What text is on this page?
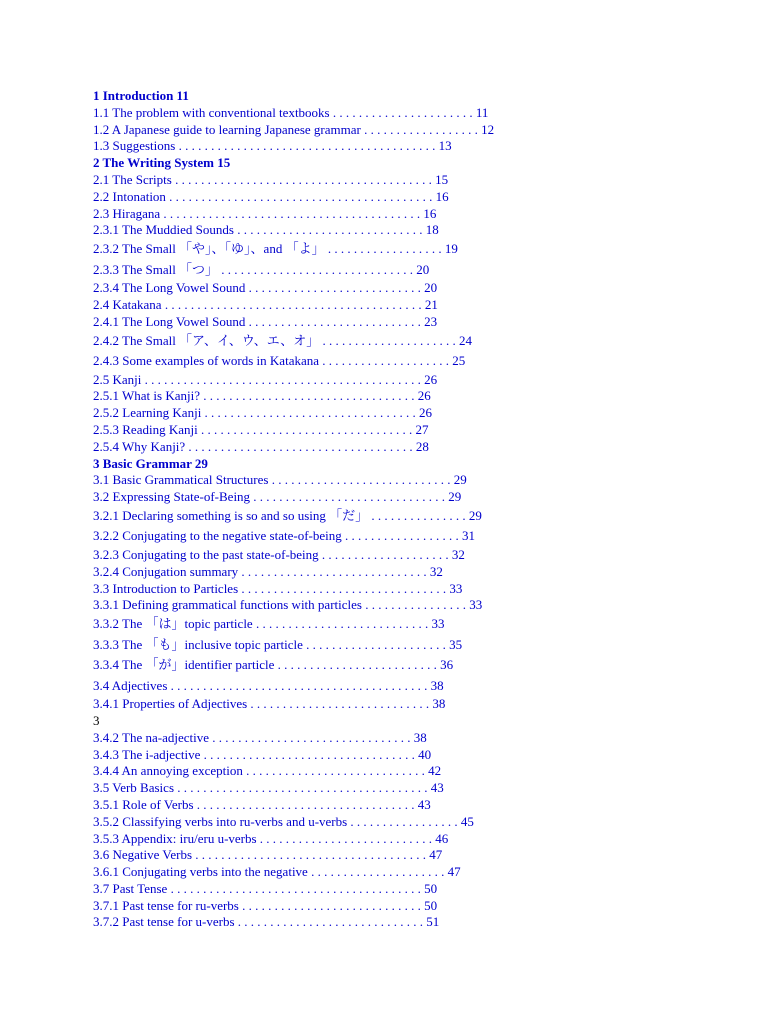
1 Introduction 11
1.1 The problem with conventional textbooks . . . . . . . . . . . . . . . . . . . . . . 11
1.2 A Japanese guide to learning Japanese grammar . . . . . . . . . . . . . . . . . . 12
1.3 Suggestions . . . . . . . . . . . . . . . . . . . . . . . . . . . . . . . . . . . . . . . . 13
2 The Writing System 15
2.1 The Scripts . . . . . . . . . . . . . . . . . . . . . . . . . . . . . . . . . . . . . . . . 15
2.2 Intonation . . . . . . . . . . . . . . . . . . . . . . . . . . . . . . . . . . . . . . . . . 16
2.3 Hiragana . . . . . . . . . . . . . . . . . . . . . . . . . . . . . . . . . . . . . . . . 16
2.3.1 The Muddied Sounds . . . . . . . . . . . . . . . . . . . . . . . . . . . . . 18
2.3.2 The Small 「や」、「ゆ」、and 「よ」 . . . . . . . . . . . . . . . . . . 19
2.3.3 The Small 「つ」 . . . . . . . . . . . . . . . . . . . . . . . . . . . . . . 20
2.3.4 The Long Vowel Sound . . . . . . . . . . . . . . . . . . . . . . . . . . . 20
2.4 Katakana . . . . . . . . . . . . . . . . . . . . . . . . . . . . . . . . . . . . . . . . 21
2.4.1 The Long Vowel Sound . . . . . . . . . . . . . . . . . . . . . . . . . . . 23
2.4.2 The Small 「ア、イ、ウ、エ、オ」 . . . . . . . . . . . . . . . . . . . . . 24
2.4.3 Some examples of words in Katakana . . . . . . . . . . . . . . . . . . . . 25
2.5 Kanji . . . . . . . . . . . . . . . . . . . . . . . . . . . . . . . . . . . . . . . . . . . 26
2.5.1 What is Kanji? . . . . . . . . . . . . . . . . . . . . . . . . . . . . . . . . . 26
2.5.2 Learning Kanji . . . . . . . . . . . . . . . . . . . . . . . . . . . . . . . . . 26
2.5.3 Reading Kanji . . . . . . . . . . . . . . . . . . . . . . . . . . . . . . . . . 27
2.5.4 Why Kanji? . . . . . . . . . . . . . . . . . . . . . . . . . . . . . . . . . . . 28
3 Basic Grammar 29
3.1 Basic Grammatical Structures . . . . . . . . . . . . . . . . . . . . . . . . . . . . 29
3.2 Expressing State-of-Being . . . . . . . . . . . . . . . . . . . . . . . . . . . . . . 29
3.2.1 Declaring something is so and so using 「だ」 . . . . . . . . . . . . . . . 29
3.2.2 Conjugating to the negative state-of-being . . . . . . . . . . . . . . . . . . 31
3.2.3 Conjugating to the past state-of-being . . . . . . . . . . . . . . . . . . . . 32
3.2.4 Conjugation summary . . . . . . . . . . . . . . . . . . . . . . . . . . . . . 32
3.3 Introduction to Particles . . . . . . . . . . . . . . . . . . . . . . . . . . . . . . . . 33
3.3.1 Defining grammatical functions with particles . . . . . . . . . . . . . . . . 33
3.3.2 The 「は」topic particle . . . . . . . . . . . . . . . . . . . . . . . . . . . 33
3.3.3 The 「も」inclusive topic particle . . . . . . . . . . . . . . . . . . . . . . 35
3.3.4 The 「が」identifier particle . . . . . . . . . . . . . . . . . . . . . . . . . 36
3.4 Adjectives . . . . . . . . . . . . . . . . . . . . . . . . . . . . . . . . . . . . . . . . 38
3.4.1 Properties of Adjectives . . . . . . . . . . . . . . . . . . . . . . . . . . . . 38
3
3.4.2 The na-adjective . . . . . . . . . . . . . . . . . . . . . . . . . . . . . . . 38
3.4.3 The i-adjective . . . . . . . . . . . . . . . . . . . . . . . . . . . . . . . . . 40
3.4.4 An annoying exception . . . . . . . . . . . . . . . . . . . . . . . . . . . . 42
3.5 Verb Basics . . . . . . . . . . . . . . . . . . . . . . . . . . . . . . . . . . . . . . . 43
3.5.1 Role of Verbs . . . . . . . . . . . . . . . . . . . . . . . . . . . . . . . . . . 43
3.5.2 Classifying verbs into ru-verbs and u-verbs . . . . . . . . . . . . . . . . . 45
3.5.3 Appendix: iru/eru u-verbs . . . . . . . . . . . . . . . . . . . . . . . . . . . 46
3.6 Negative Verbs . . . . . . . . . . . . . . . . . . . . . . . . . . . . . . . . . . . . 47
3.6.1 Conjugating verbs into the negative . . . . . . . . . . . . . . . . . . . . . 47
3.7 Past Tense . . . . . . . . . . . . . . . . . . . . . . . . . . . . . . . . . . . . . . . 50
3.7.1 Past tense for ru-verbs . . . . . . . . . . . . . . . . . . . . . . . . . . . . 50
3.7.2 Past tense for u-verbs . . . . . . . . . . . . . . . . . . . . . . . . . . . . . 51
